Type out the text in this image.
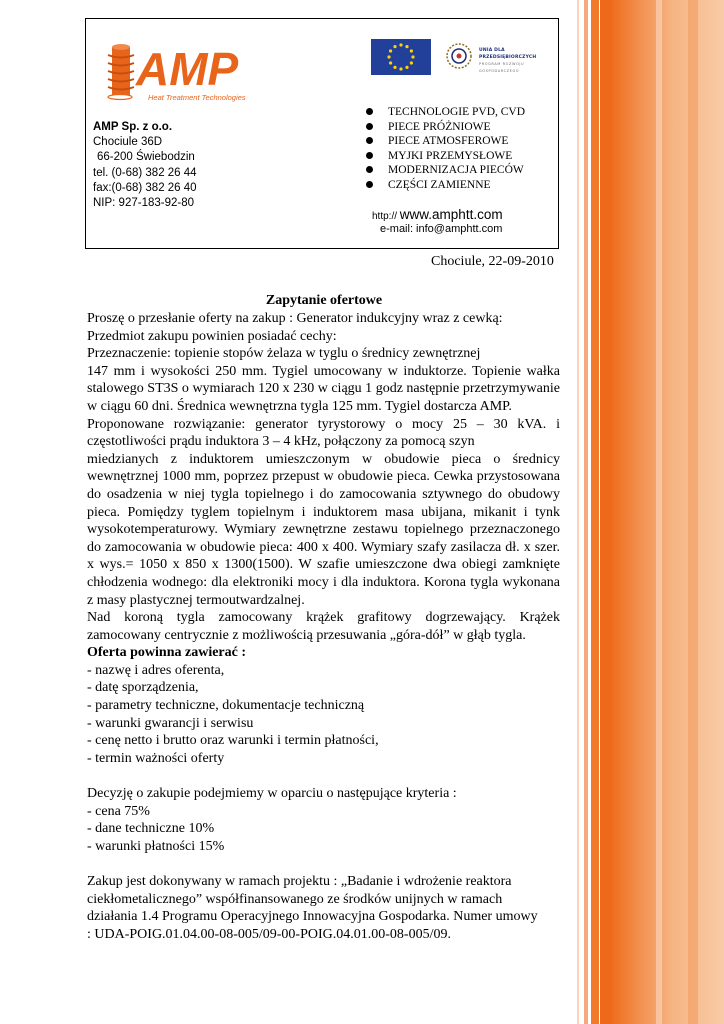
AMP
Heat Treatment Technologies
UNIA DLA PRZEDSIĘBIORCZYCH
PROGRAM ROZWOJU GOSPODARCZEGO
AMP Sp. z o.o.
Chociule 36D
66-200 Świebodzin
tel. (0-68) 382 26 44
fax:(0-68) 382 26 40
NIP: 927-183-92-80
TECHNOLOGIE PVD, CVD
PIECE PRÓŻNIOWE
PIECE ATMOSFEROWE
MYJKI PRZEMYSŁOWE
MODERNIZACJA PIECÓW
CZĘŚCI ZAMIENNE
http:// www.amphtt.com
e-mail: info@amphtt.com
Chociule, 22-09-2010
Zapytanie ofertowe

Proszę o przesłanie oferty na zakup : Generator indukcyjny wraz z cewką:

Przedmiot zakupu powinien posiadać cechy:

Przeznaczenie: topienie stopów żelaza w tyglu o średnicy zewnętrznej

147 mm i wysokości 250 mm. Tygiel umocowany w induktorze. Topienie wałka stalowego ST3S o wymiarach 120 x 230 w ciągu 1 godz następnie przetrzymywanie w ciągu 60 dni. Średnica wewnętrzna tygla 125 mm. Tygiel dostarcza AMP.

Proponowane rozwiązanie: generator tyrystorowy o mocy 25 – 30 kVA. i

częstotliwości prądu induktora 3 – 4 kHz, połączony za pomocą szyn

miedzianych z induktorem umieszczonym w obudowie pieca o średnicy wewnętrznej 1000 mm, poprzez przepust w obudowie pieca. Cewka przystosowana do osadzenia w niej tygla topielnego i do zamocowania sztywnego do obudowy pieca. Pomiędzy tyglem topielnym i induktorem masa ubijana, mikanit i tynk wysokotemperaturowy. Wymiary zewnętrzne zestawu topielnego przeznaczonego do zamocowania w obudowie pieca: 400 x 400. Wymiary szafy zasilacza dł. x szer. x wys.= 1050 x 850 x 1300(1500). W szafie umieszczone dwa obiegi zamknięte chłodzenia wodnego: dla elektroniki mocy i dla induktora. Korona tygla wykonana z masy plastycznej termoutwardzalnej.

Nad koroną tygla zamocowany krążek grafitowy dogrzewający. Krążek zamocowany centrycznie z możliwością przesuwania „góra-dół” w głąb tygla.

Oferta powinna zawierać :

- nazwę i adres oferenta,

- datę sporządzenia,

- parametry techniczne, dokumentacje techniczną

- warunki gwarancji i serwisu

- cenę netto i brutto oraz warunki i termin płatności,

- termin ważności oferty

Decyzję o zakupie podejmiemy w oparciu o następujące kryteria :

- cena 75%

- dane techniczne 10%

- warunki płatności 15%

Zakup jest dokonywany w ramach projektu : „Badanie i wdrożenie reaktora

ciekłometalicznego” współfinansowanego ze środków unijnych w ramach

działania 1.4 Programu Operacyjnego Innowacyjna Gospodarka. Numer umowy

: UDA-POIG.01.04.00-08-005/09-00-POIG.04.01.00-08-005/09.
